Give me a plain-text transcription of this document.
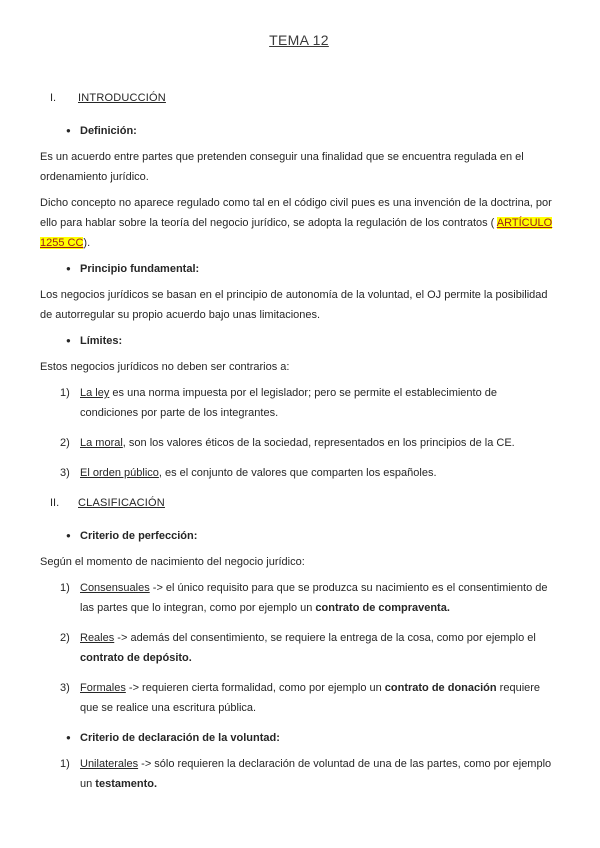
TEMA 12
I.	INTRODUCCIÓN
● Definición:
Es un acuerdo entre partes que pretenden conseguir una finalidad que se encuentra regulada en el ordenamiento jurídico.
Dicho concepto no aparece regulado como tal en el código civil pues es una invención de la doctrina, por ello para hablar sobre la teoría del negocio jurídico, se adopta la regulación de los contratos ( ARTÍCULO 1255 CC).
● Principio fundamental:
Los negocios jurídicos se basan en el principio de autonomía de la voluntad, el OJ permite la posibilidad de autorregular su propio acuerdo bajo unas limitaciones.
● Límites:
Estos negocios jurídicos no deben ser contrarios a:
1) La ley es una norma impuesta por el legislador; pero se permite el establecimiento de condiciones por parte de los integrantes.
2) La moral, son los valores éticos de la sociedad, representados en los principios de la CE.
3) El orden público, es el conjunto de valores que comparten los españoles.
II.	CLASIFICACIÓN
● Criterio de perfección:
Según el momento de nacimiento del negocio jurídico:
1) Consensuales -> el único requisito para que se produzca su nacimiento es el consentimiento de las partes que lo integran, como por ejemplo un contrato de compraventa.
2) Reales -> además del consentimiento, se requiere la entrega de la cosa, como por ejemplo el contrato de depósito.
3) Formales -> requieren cierta formalidad, como por ejemplo un contrato de donación requiere que se realice una escritura pública.
● Criterio de declaración de la voluntad:
1) Unilaterales -> sólo requieren la declaración de voluntad de una de las partes, como por ejemplo un testamento.
